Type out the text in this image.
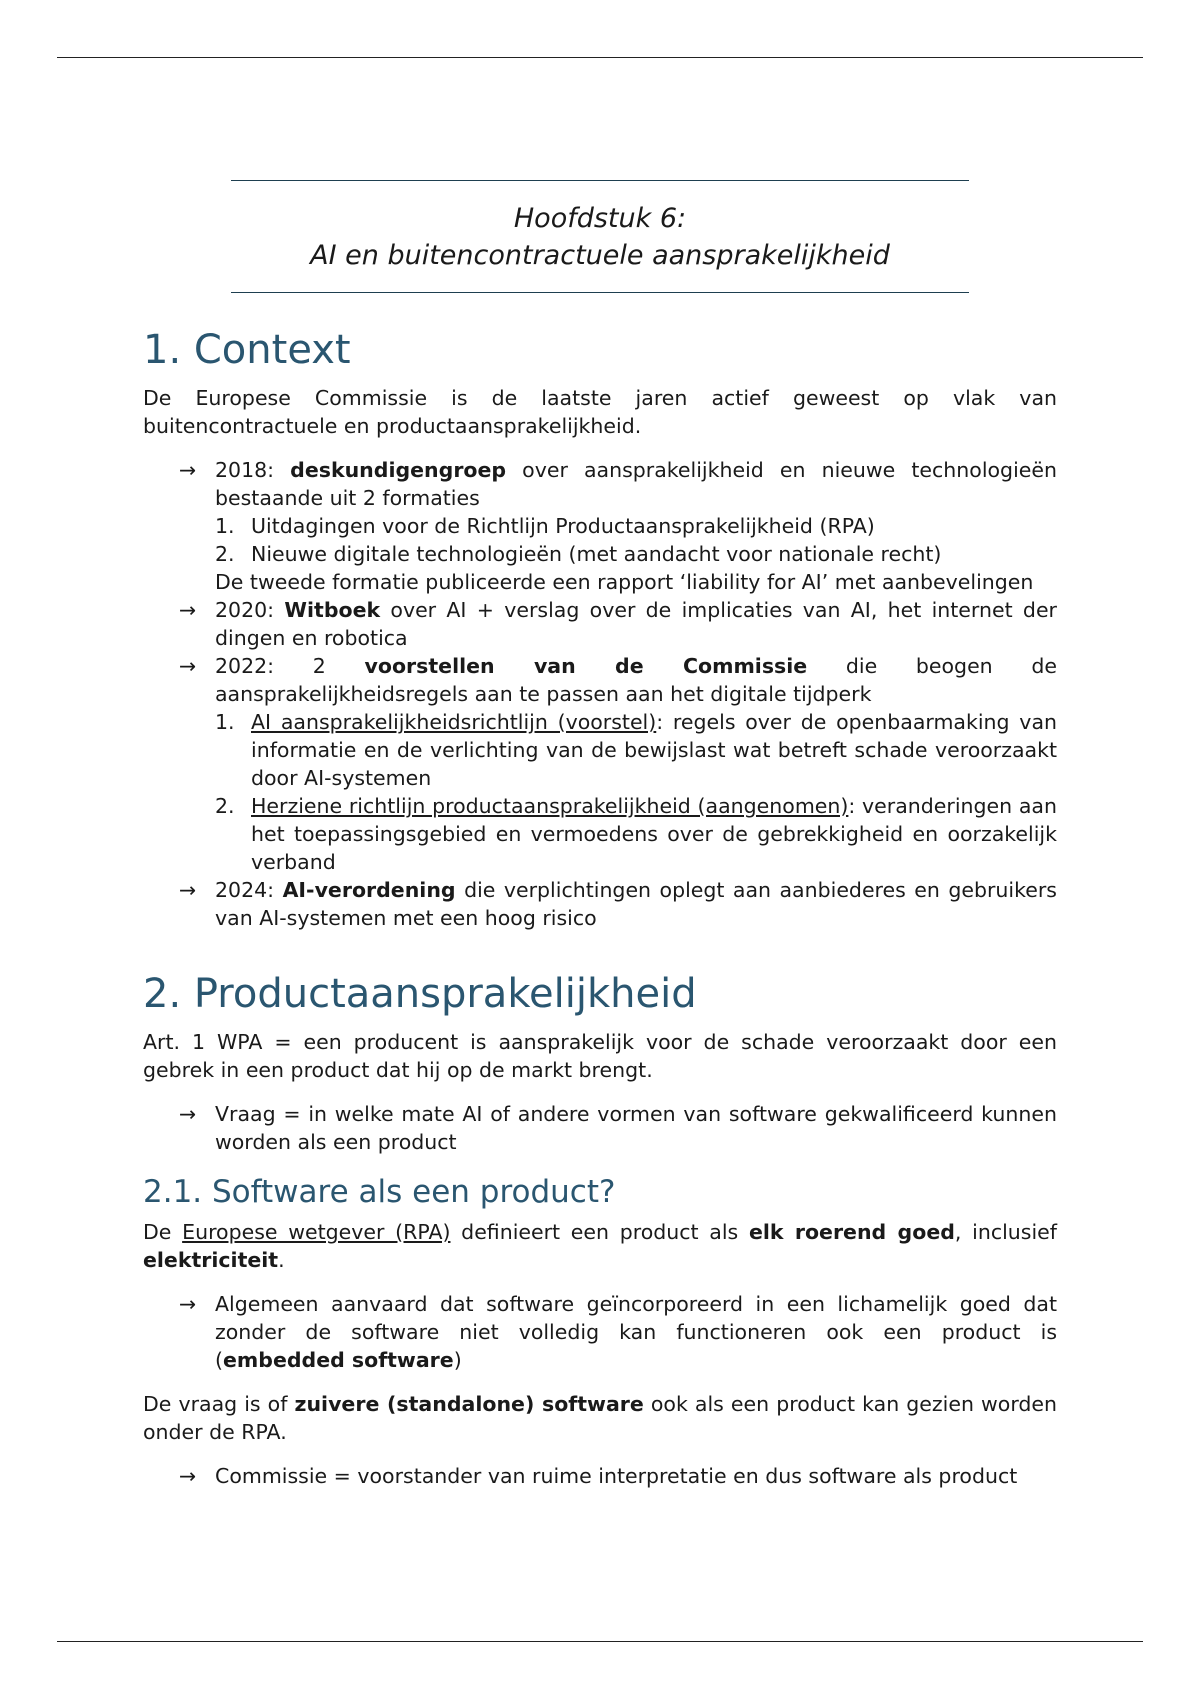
Hoofdstuk 6:
AI en buitencontractuele aansprakelijkheid
1. Context

De Europese Commissie is de laatste jaren actief geweest op vlak van buitencontractuele en productaansprakelijkheid.

→ 2018: deskundigengroep over aansprakelijkheid en nieuwe technologieën bestaande uit 2 formaties
1. Uitdagingen voor de Richtlijn Productaansprakelijkheid (RPA)
2. Nieuwe digitale technologieën (met aandacht voor nationale recht)
De tweede formatie publiceerde een rapport ‘liability for AI’ met aanbevelingen
→ 2020: Witboek over AI + verslag over de implicaties van AI, het internet der dingen en robotica
→ 2022: 2 voorstellen van de Commissie die beogen de aansprakelijkheidsregels aan te passen aan het digitale tijdperk
1. AI aansprakelijkheidsrichtlijn (voorstel): regels over de openbaarmaking van informatie en de verlichting van de bewijslast wat betreft schade veroorzaakt door AI-systemen
2. Herziene richtlijn productaansprakelijkheid (aangenomen): veranderingen aan het toepassingsgebied en vermoedens over de gebrekkigheid en oorzakelijk verband
→ 2024: AI-verordening die verplichtingen oplegt aan aanbiederes en gebruikers van AI-systemen met een hoog risico
2. Productaansprakelijkheid

Art. 1 WPA = een producent is aansprakelijk voor de schade veroorzaakt door een gebrek in een product dat hij op de markt brengt.

→ Vraag = in welke mate AI of andere vormen van software gekwalificeerd kunnen worden als een product
2.1. Software als een product?

De Europese wetgever (RPA) definieert een product als elk roerend goed, inclusief elektriciteit.

→ Algemeen aanvaard dat software geïncorporeerd in een lichamelijk goed dat zonder de software niet volledig kan functioneren ook een product is (embedded software)

De vraag is of zuivere (standalone) software ook als een product kan gezien worden onder de RPA.

→ Commissie = voorstander van ruime interpretatie en dus software als product
